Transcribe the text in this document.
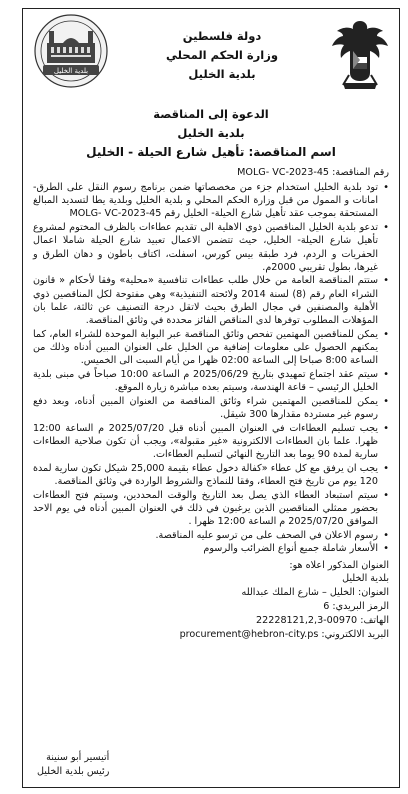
دولة فلسطين
وزارة الحكم المحلي
بلدية الخليل
بلدية الخليل
الدعوة إلى المناقصة
بلدية الخليل
اسم المناقصة: تأهيل شارع الحيلة - الخليل
رقم المناقصة: MOLG- VC-2023-45
• تود بلدية الخليل استخدام جزء من مخصصاتها ضمن برنامج رسوم النقل على الطرق- امانات و الممول من قبل وزارة الحكم المحلي و بلدية الخليل وبلدية يطا لتسديد المبالغ المستحقة بموجب عقد تأهيل شارع الحيلة- الخليل رقم MOLG- VC-2023-45
• تدعو بلدية الخليل المناقصين ذوي الاهلية الى تقديم عطاءات بالظرف المختوم لمشروع تأهيل شارع الحيلة- الخليل، حيث تتضمن الاعمال تعبيد شارع الحيلة شاملا اعمال الحفريات و الردم، فرد طبقة بيس كورس، اسفلت، اكتاف باطون و دهان الطرق و غيرها، بطول تقريبي 2000م.
• ستتم المناقصة العامة من خلال طلب عطاءات تنافسية «محلية» وفقا لأحكام « قانون الشراء العام رقم (8) لسنة 2014 ولائحته التنفيذية» وهي مفتوحة لكل المناقصين ذوي الأهلية والمصنفين في مجال الطرق بحيث لاتقل درجة التصنيف عن ثالثة، علما بان المؤهلات المطلوب توفرها لدى المناقص الفائز محددة في وثائق المناقصة.
• يمكن للمناقصين المهتمين تفحص وثائق المناقصة عبر البوابة الموحدة للشراء العام، كما يمكنهم الحصول على معلومات إضافية من الخليل على العنوان المبين أدناه وذلك من الساعة 8:00 صباحا إلى الساعة 02:00 ظهرا من أيام السبت الى الخميس.
• سيتم عقد اجتماع تمهيدي بتاريخ 2025/06/29 م الساعة 10:00 صباحاً في مبنى بلدية الخليل الرئيسي – قاعة الهندسة، وسيتم بعده مباشرة زيارة الموقع.
• يمكن للمناقصين المهتمين شراء وثائق المناقصة من العنوان المبين أدناه، وبعد دفع رسوم غير مستردة مقدارها 300 شيقل.
• يجب تسليم العطاءات في العنوان المبين أدناه قبل 2025/07/20 م الساعة 12:00 ظهرا. علما بان العطاءات الالكترونية «غير مقبولة»، ويجب أن تكون صلاحية العطاءات سارية لمدة 90 يوما بعد التاريخ النهائي لتسليم العطاءات.
• يجب ان يرفق مع كل عطاء «كفالة دخول عطاء بقيمة 25,000 شيكل تكون سارية لمدة 120 يوم من تاريخ فتح العطاء، وفقا للنماذج والشروط الواردة في وثائق المناقصة.
• سيتم استبعاد العطاء الذي يصل بعد التاريخ والوقت المحددين، وسيتم فتح العطاءات بحضور ممثلي المناقصين الذين يرغبون في ذلك في العنوان المبين أدناه في يوم الاحد الموافق 2025/07/20 م الساعة 12:00 ظهرا .
• رسوم الاعلان في الصحف على من ترسو عليه المناقصة.
• الأسعار شاملة جميع أنواع الضرائب والرسوم
العنوان المذكور اعلاه هو:
بلدية الخليل
العنوان: الخليل – شارع الملك عبدالله
الرمز البريدي: 6
الهاتف: 00970-22228121,2,3
البريد الالكتروني: procurement@hebron-city.ps
أتيسير أبو سنينة
رئيس بلدية الخليل
